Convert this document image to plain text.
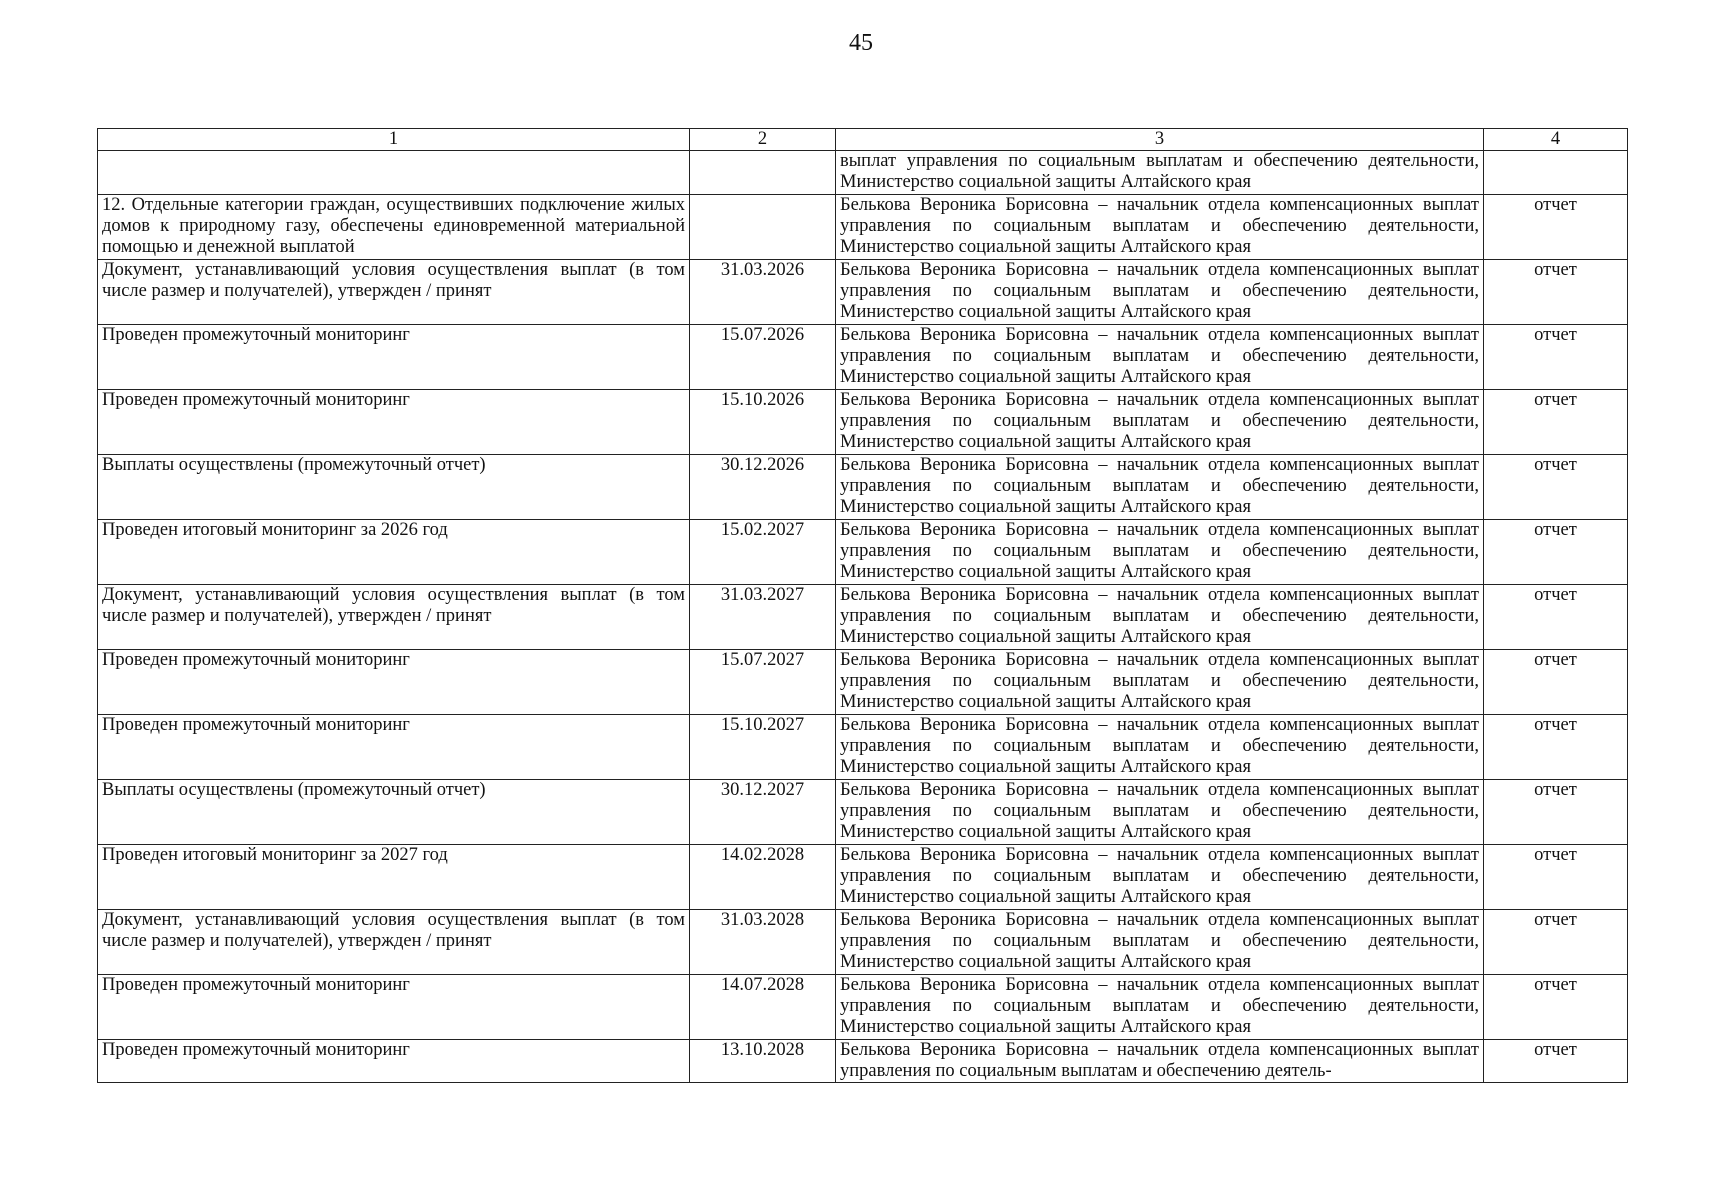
45
1	2	3	4
		выплат управления по социальным выплатам и обеспечению деятельности, Министерство социальной защиты Алтайского края	
12. Отдельные категории граждан, осуществивших подключение жилых домов к природному газу, обеспечены единовременной материальной помощью и денежной выплатой		Белькова Вероника Борисовна – начальник отдела компенсационных выплат управления по социальным выплатам и обеспечению деятельности, Министерство социальной защиты Алтайского края	отчет
Документ, устанавливающий условия осуществления выплат (в том числе размер и получателей), утвержден / принят	31.03.2026	Белькова Вероника Борисовна – начальник отдела компенсационных выплат управления по социальным выплатам и обеспечению деятельности, Министерство социальной защиты Алтайского края	отчет
Проведен промежуточный мониторинг	15.07.2026	Белькова Вероника Борисовна – начальник отдела компенсационных выплат управления по социальным выплатам и обеспечению деятельности, Министерство социальной защиты Алтайского края	отчет
Проведен промежуточный мониторинг	15.10.2026	Белькова Вероника Борисовна – начальник отдела компенсационных выплат управления по социальным выплатам и обеспечению деятельности, Министерство социальной защиты Алтайского края	отчет
Выплаты осуществлены (промежуточный отчет)	30.12.2026	Белькова Вероника Борисовна – начальник отдела компенсационных выплат управления по социальным выплатам и обеспечению деятельности, Министерство социальной защиты Алтайского края	отчет
Проведен итоговый мониторинг за 2026 год	15.02.2027	Белькова Вероника Борисовна – начальник отдела компенсационных выплат управления по социальным выплатам и обеспечению деятельности, Министерство социальной защиты Алтайского края	отчет
Документ, устанавливающий условия осуществления выплат (в том числе размер и получателей), утвержден / принят	31.03.2027	Белькова Вероника Борисовна – начальник отдела компенсационных выплат управления по социальным выплатам и обеспечению деятельности, Министерство социальной защиты Алтайского края	отчет
Проведен промежуточный мониторинг	15.07.2027	Белькова Вероника Борисовна – начальник отдела компенсационных выплат управления по социальным выплатам и обеспечению деятельности, Министерство социальной защиты Алтайского края	отчет
Проведен промежуточный мониторинг	15.10.2027	Белькова Вероника Борисовна – начальник отдела компенсационных выплат управления по социальным выплатам и обеспечению деятельности, Министерство социальной защиты Алтайского края	отчет
Выплаты осуществлены (промежуточный отчет)	30.12.2027	Белькова Вероника Борисовна – начальник отдела компенсационных выплат управления по социальным выплатам и обеспечению деятельности, Министерство социальной защиты Алтайского края	отчет
Проведен итоговый мониторинг за 2027 год	14.02.2028	Белькова Вероника Борисовна – начальник отдела компенсационных выплат управления по социальным выплатам и обеспечению деятельности, Министерство социальной защиты Алтайского края	отчет
Документ, устанавливающий условия осуществления выплат (в том числе размер и получателей), утвержден / принят	31.03.2028	Белькова Вероника Борисовна – начальник отдела компенсационных выплат управления по социальным выплатам и обеспечению деятельности, Министерство социальной защиты Алтайского края	отчет
Проведен промежуточный мониторинг	14.07.2028	Белькова Вероника Борисовна – начальник отдела компенсационных выплат управления по социальным выплатам и обеспечению деятельности, Министерство социальной защиты Алтайского края	отчет
Проведен промежуточный мониторинг	13.10.2028	Белькова Вероника Борисовна – начальник отдела компенсационных выплат управления по социальным выплатам и обеспечению деятель-	отчет
